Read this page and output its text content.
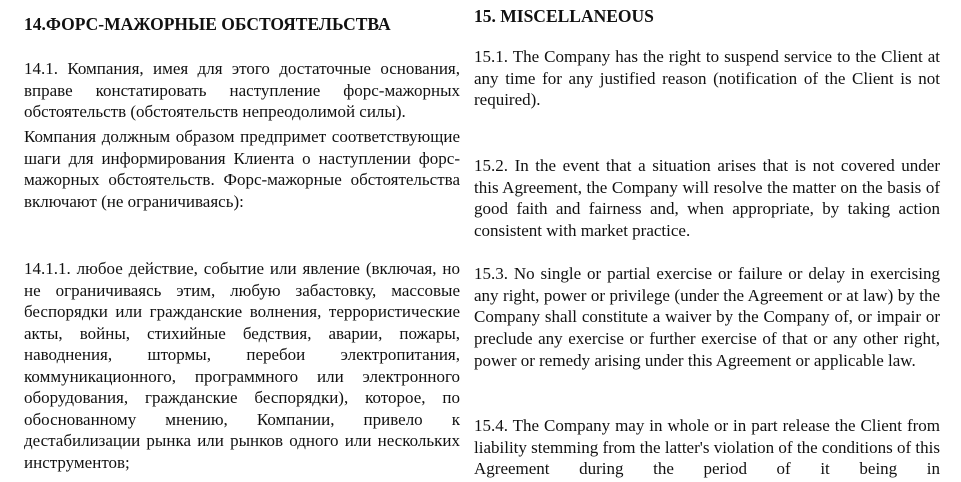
14.ФОРС-МАЖОРНЫЕ ОБСТОЯТЕЛЬСТВА

14.1. Компания, имея для этого достаточные основания, вправе констатировать наступление форс-мажорных обстоятельств (обстоятельств непреодолимой силы).

Компания должным образом предпримет соответствующие шаги для информирования Клиента о наступлении форс-мажорных обстоятельств. Форс-мажорные обстоятельства включают (не ограничиваясь):

14.1.1. любое действие, событие или явление (включая, но не ограничиваясь этим, любую забастовку, массовые беспорядки или гражданские волнения, террористические акты, войны, стихийные бедствия, аварии, пожары, наводнения, штормы, перебои электропитания, коммуникационного, программного или электронного оборудования, гражданские беспорядки), которое, по обоснованному мнению, Компании, привело к дестабилизации рынка или рынков одного или нескольких инструментов;

15. MISCELLANEOUS

15.1. The Company has the right to suspend service to the Client at any time for any justified reason (notification of the Client is not required).

15.2. In the event that a situation arises that is not covered under this Agreement, the Company will resolve the matter on the basis of good faith and fairness and, when appropriate, by taking action consistent with market practice.

15.3. No single or partial exercise or failure or delay in exercising any right, power or privilege (under the Agreement or at law) by the Company shall constitute a waiver by the Company of, or impair or preclude any exercise or further exercise of that or any other right, power or remedy arising under this Agreement or applicable law.

15.4. The Company may in whole or in part release the Client from liability stemming from the latter's violation of the conditions of this Agreement during the period of it being in
